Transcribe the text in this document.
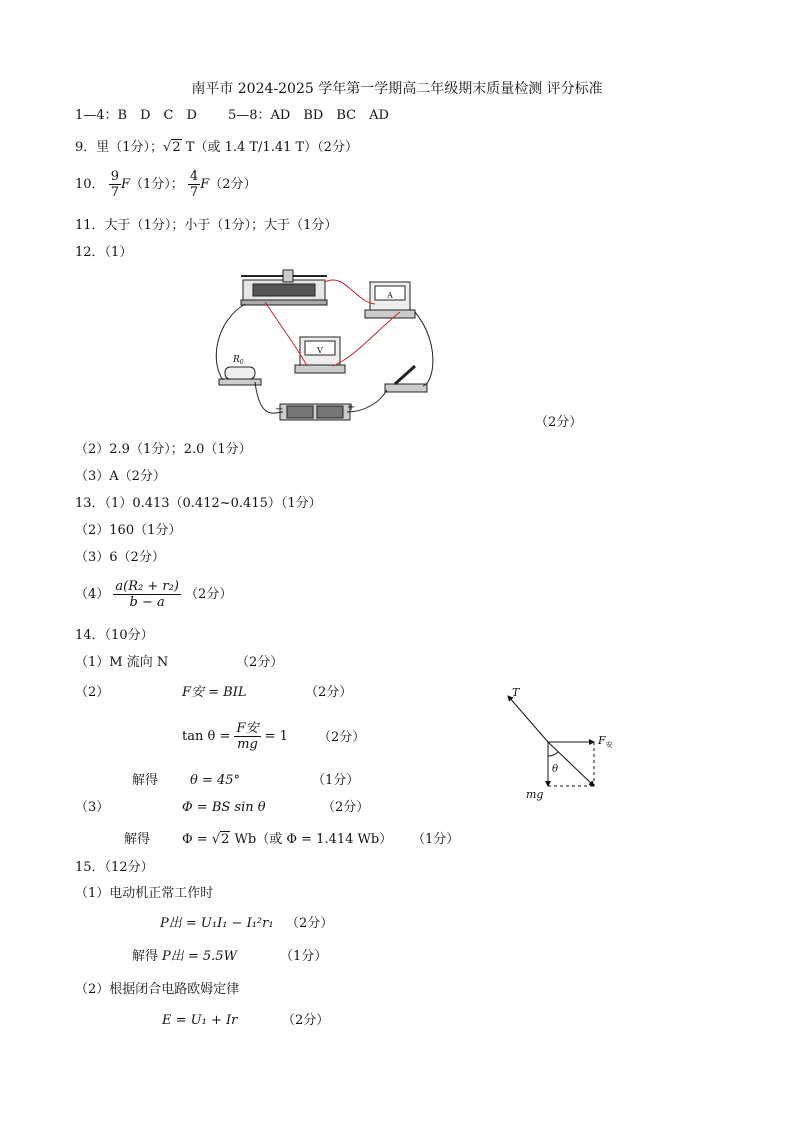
南平市 2024-2025 学年第一学期高二年级期末质量检测 评分标准
1—4：B　D　C　D 5—8：AD　BD　BC　AD
9．里（1分）；√2 T（或 1.4 T/1.41 T）（2分）
10． $\frac{9}{7} F(1$分）； $\frac{4}{7} F(2$分）
11．大于（1分）；小于（1分）；大于（1分）
12．（1）
A
V
$R_0$
−	+
（2分）
（2）2.9（1分）；2.0（1分）
（3）A（2分）
13．（1）0.413（0.412~0.415）（1分）
（2）160（1分）
（3）6（2分）
$(4) \frac{\text{a(R₂ + r₂)}}{b - a} (2$分）
14．（10分）
（1）M 流向 N	（2分）
（2）	F安 = BIL	（2分）
$\tan \theta = \frac{\text{F安}}{mg} = 1$ （2分）
解得 θ = 45°	（1分）
（3）	Φ = BS sin θ	（2分）
解得 Φ = √2 Wb（或 Φ = 1.414 Wb） （1分）
T
$F_安$
θ
mg
15．（12分）
（1）电动机正常工作时
P出 = U₁I₁ − I₁²r₁ （2分）
解得 P出 = 5.5W	（1分）
（2）根据闭合电路欧姆定律
E = U₁ + Ir	（2分）
